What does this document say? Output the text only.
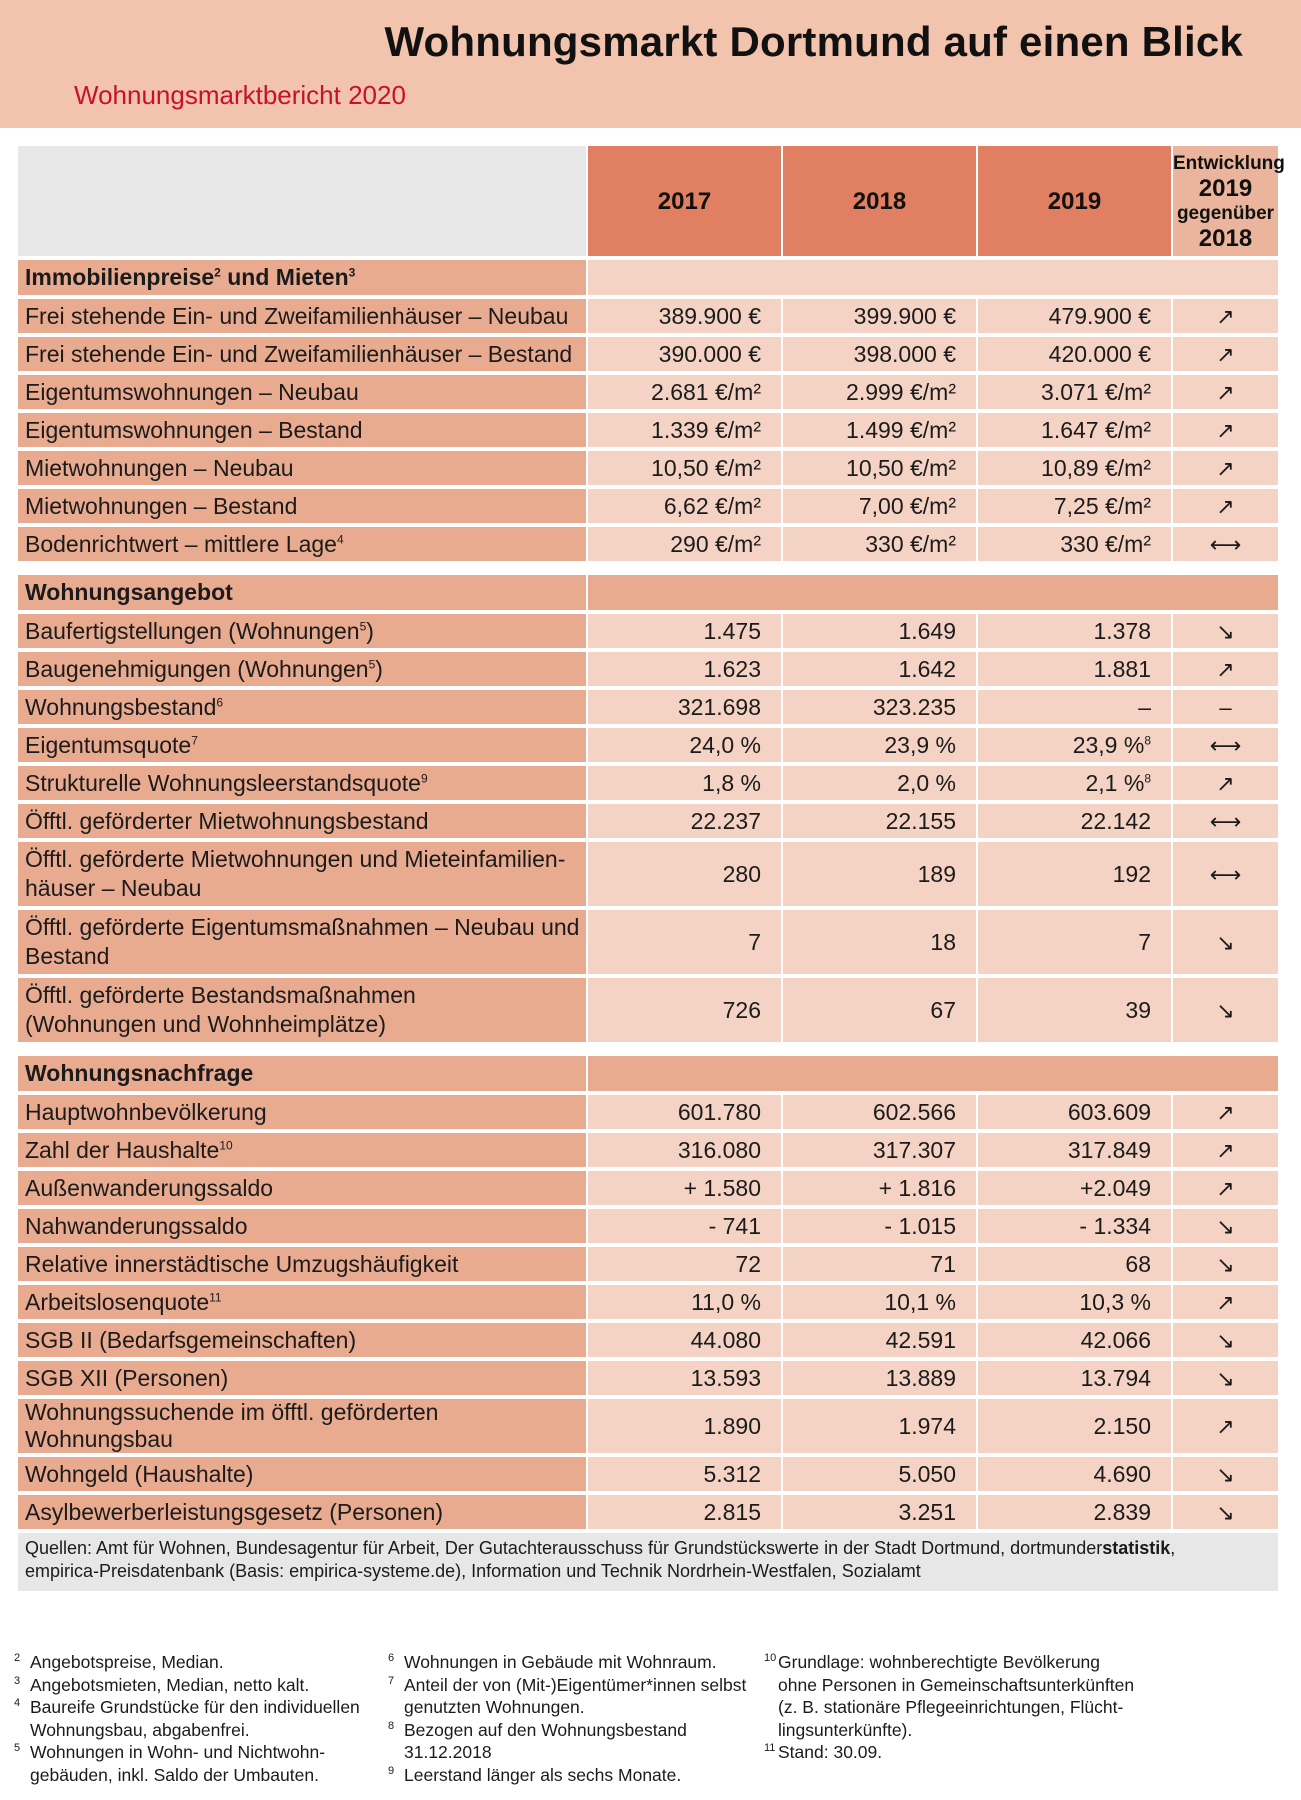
Wohnungsmarkt Dortmund auf einen Blick
Wohnungsmarktbericht 2020
	2017	2018	2019	Entwicklung
2019
gegenüber
2018

Immobilienpreise$^2$ und Mieten$^3$	
Frei stehende Ein- und Zweifamilienhäuser – Neubau	389.900 €	399.900 €	479.900 €	↗
Frei stehende Ein- und Zweifamilienhäuser – Bestand	390.000 €	398.000 €	420.000 €	↗
Eigentumswohnungen – Neubau	2.681 €/m²	2.999 €/m²	3.071 €/m²	↗
Eigentumswohnungen – Bestand	1.339 €/m²	1.499 €/m²	1.647 €/m²	↗
Mietwohnungen – Neubau	10,50 €/m²	10,50 €/m²	10,89 €/m²	↗
Mietwohnungen – Bestand	6,62 €/m²	7,00 €/m²	7,25 €/m²	↗
Bodenrichtwert – mittlere Lage$^4$	290 €/m²	330 €/m²	330 €/m²	⟷

Wohnungsangebot				
Baufertigstellungen (Wohnungen$^5$)	1.475	1.649	1.378	↘
Baugenehmigungen (Wohnungen$^5$)	1.623	1.642	1.881	↗
Wohnungsbestand$^6$	321.698	323.235	–	–
Eigentumsquote$^7$	24,0 %	23,9 %	23,9 %$^8$	⟷
Strukturelle Wohnungsleerstandsquote$^9$	1,8 %	2,0 %	2,1 %$^8$	↗
Öfftl. geförderter Mietwohnungsbestand	22.237	22.155	22.142	⟷
Öfftl. geförderte Mietwohnungen und Mieteinfamilien-
häuser – Neubau	280	189	192	⟷
Öfftl. geförderte Eigentumsmaßnahmen – Neubau und
Bestand	7	18	7	↘
Öfftl. geförderte Bestandsmaßnahmen
(Wohnungen und Wohnheimplätze)	726	67	39	↘

Wohnungsnachfrage				
Hauptwohnbevölkerung	601.780	602.566	603.609	↗
Zahl der Haushalte$^{10}$	316.080	317.307	317.849	↗
Außenwanderungssaldo	+ 1.580	+ 1.816	+2.049	↗
Nahwanderungssaldo	- 741	- 1.015	- 1.334	↘
Relative innerstädtische Umzugshäufigkeit	72	71	68	↘
Arbeitslosenquote$^{11}$	11,0 %	10,1 %	10,3 %	↗
SGB II (Bedarfsgemeinschaften)	44.080	42.591	42.066	↘
SGB XII (Personen)	13.593	13.889	13.794	↘
Wohnungssuchende im öfftl. geförderten Wohnungsbau	1.890	1.974	2.150	↗
Wohngeld (Haushalte)	5.312	5.050	4.690	↘
Asylbewerberleistungsgesetz (Personen)	2.815	3.251	2.839	↘
Quellen: Amt für Wohnen, Bundesagentur für Arbeit, Der Gutachterausschuss für Grundstückswerte in der Stadt Dortmund, dortmunderstatistik,
empirica-Preisdatenbank (Basis: empirica-systeme.de), Information und Technik Nordrhein-Westfalen, Sozialamt				
2 Angebotspreise, Median.
3 Angebotsmieten, Median, netto kalt.
4 Baureife Grundstücke für den individuellen
Wohnungsbau, abgabenfrei.
5 Wohnungen in Wohn- und Nichtwohn-
gebäuden, inkl. Saldo der Umbauten.
6 Wohnungen in Gebäude mit Wohnraum.
7 Anteil der von (Mit-)Eigentümer*innen selbst
genutzten Wohnungen.
8 Bezogen auf den Wohnungsbestand 31.12.2018
9 Leerstand länger als sechs Monate.
10 Grundlage: wohnberechtigte Bevölkerung
ohne Personen in Gemeinschaftsunterkünften
(z. B. stationäre Pflegeeinrichtungen, Flücht-
lingsunterkünfte).
11 Stand: 30.09.
